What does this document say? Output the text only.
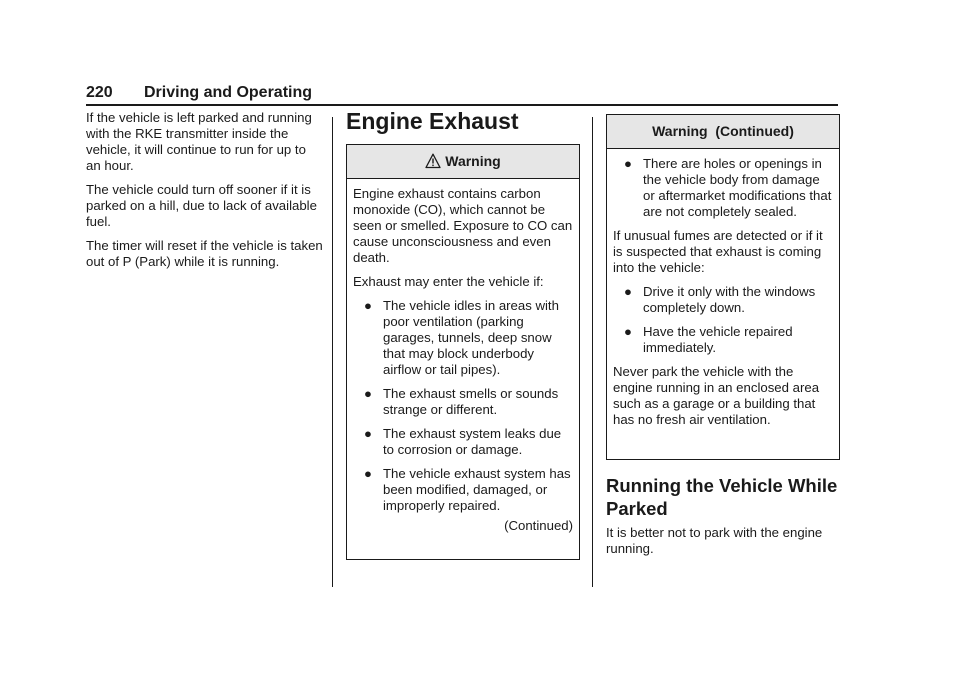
220 Driving and Operating

If the vehicle is left parked and running with the RKE transmitter inside the vehicle, it will continue to run for up to an hour.

The vehicle could turn off sooner if it is parked on a hill, due to lack of available fuel.

The timer will reset if the vehicle is taken out of P (Park) while it is running.

Engine Exhaust
Warning

Engine exhaust contains carbon monoxide (CO), which cannot be seen or smelled. Exposure to CO can cause unconsciousness and even death.

Exhaust may enter the vehicle if:

● The vehicle idles in areas with poor ventilation (parking garages, tunnels, deep snow that may block underbody airflow or tail pipes).
● The exhaust smells or sounds strange or different.
● The exhaust system leaks due to corrosion or damage.
● The vehicle exhaust system has been modified, damaged, or improperly repaired.
(Continued)
Warning  (Continued)
● There are holes or openings in the vehicle body from damage or aftermarket modifications that are not completely sealed.

If unusual fumes are detected or if it is suspected that exhaust is coming into the vehicle:

● Drive it only with the windows completely down.
● Have the vehicle repaired immediately.

Never park the vehicle with the engine running in an enclosed area such as a garage or a building that has no fresh air ventilation.

Running the Vehicle While Parked

It is better not to park with the engine running.
